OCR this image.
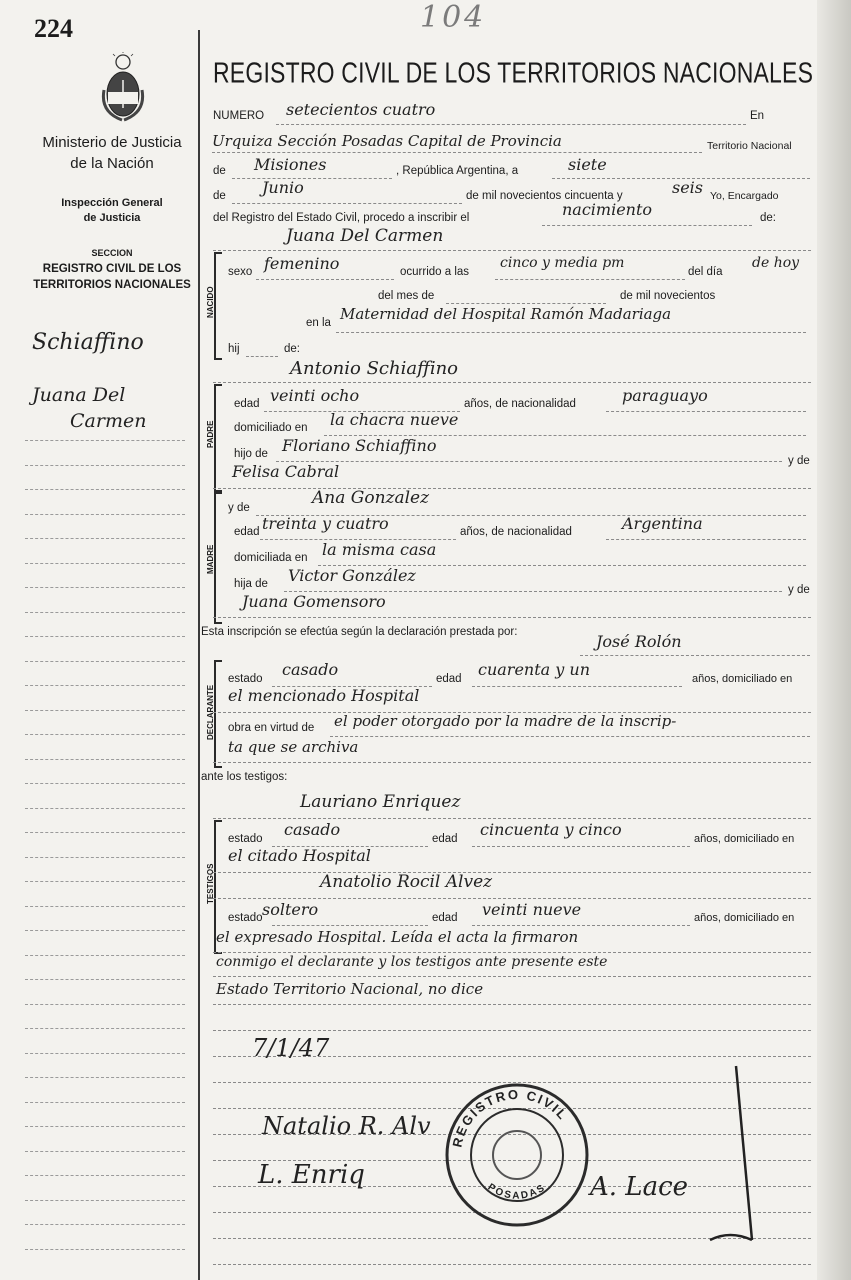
224	104
Ministerio de Justicia
de la Nación
Inspección General
de Justicia
SECCION
REGISTRO CIVIL DE LOS
TERRITORIOS NACIONALES
Schiaffino
Juana Del
Carmen
REGISTRO CIVIL DE LOS TERRITORIOS NACIONALES
NUMERO setecientos cuatro	En
Urquiza Sección Posadas Capital de Provincia	Territorio Nacional
de Misiones	, República Argentina, a	siete
de Junio	de mil novecientos cincuenta y	seis Yo, Encargado
del Registro del Estado Civil, procedo a inscribir el	nacimiento	de:
Juana Del Carmen
NACIDO
sexo femenino	ocurrido a las
cinco y media pm
del día
de hoy
del mes de	de mil novecientos
en la Maternidad del Hospital Ramón Madariaga
hij	de:
Antonio Schiaffino
PADRE
edad veinti ocho	años, de nacionalidad	paraguayo
domiciliado en la chacra nueve
hijo de Floriano Schiaffino
y de
Felisa Cabral
MADRE
y de	Ana Gonzalez
edad treinta y cuatro	años, de nacionalidad	Argentina
domiciliada en la misma casa
hija de Victor González
y de
Juana Gomensoro
Esta inscripción se efectúa según la declaración prestada por:	José Rolón
DECLARANTE
estado casado	edad cuarenta y un	años, domiciliado en
el mencionado Hospital
obra en virtud de el poder otorgado por la madre de la inscrip-
ta que se archiva
ante los testigos:
Lauriano Enriquez
TESTIGOS
estado casado	edad cincuenta y cinco	años, domiciliado en
el citado Hospital
Anatolio Rocil Alvez
estado soltero	edad veinti nueve	años, domiciliado en
el expresado Hospital. Leída el acta la firmaron
conmigo el declarante y los testigos ante presente este
Estado Territorio Nacional, no dice
7/1/47
Natalio R. Alv
L. Enriq	A. Lace
REGISTRO CIVIL
POSADAS
